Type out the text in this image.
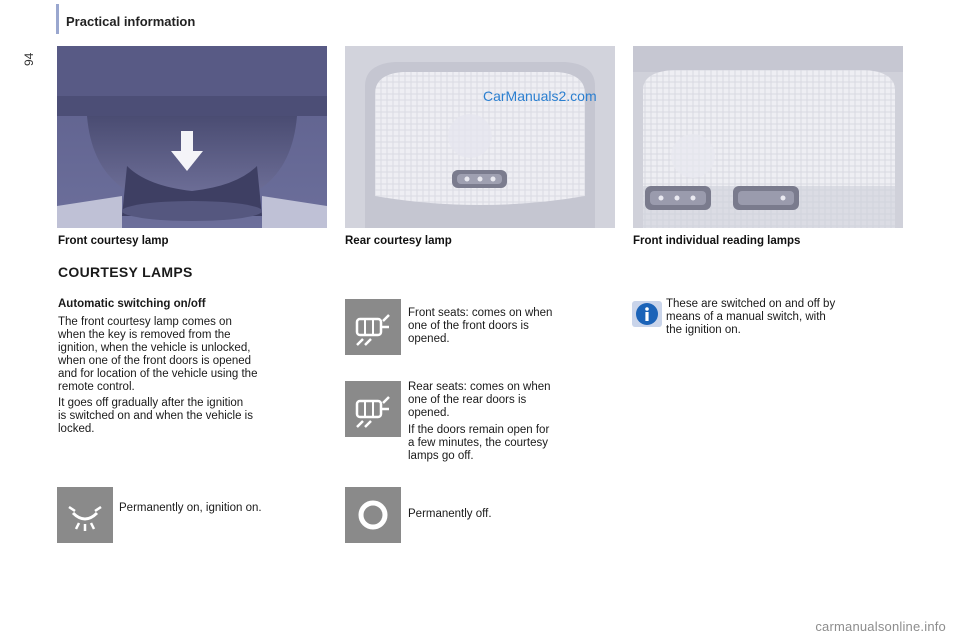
Practical information
94
CarManuals2.com
Front courtesy lamp	Rear courtesy lamp	Front individual reading lamps
COURTESY LAMPS
Automatic switching on/off
The front courtesy lamp comes on
when the key is removed from the
ignition, when the vehicle is unlocked,
when one of the front doors is opened
and for location of the vehicle using the
remote control.
It goes off gradually after the ignition
is switched on and when the vehicle is
locked.
Front seats: comes on when
one of the front doors is
opened.
Rear seats: comes on when
one of the rear doors is
opened.
If the doors remain open for
a few minutes, the courtesy
lamps go off.
Permanently on, ignition on.	Permanently off.
These are switched on and off by
means of a manual switch, with
the ignition on.
carmanualsonline.info
